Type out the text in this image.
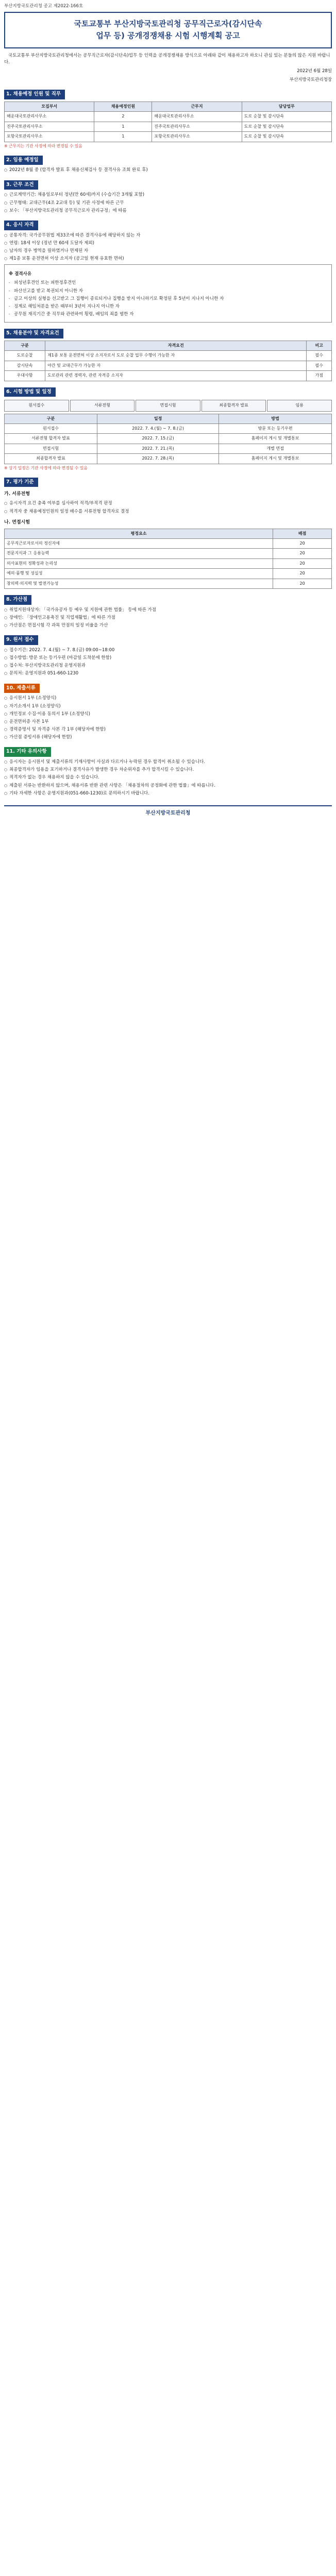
부산지방국토관리청 공고 제2022-166호
국토교통부 부산지방국토관리청 공무직근로자(감시단속
업무 등) 공개경쟁채용 시험 시행계획 공고

국토교통부 부산지방국토관리청에서는 공무직근로자(감시단속)업무 등 인력을 공개경쟁채용 방식으로 아래와 같이 채용하고자 하오니 관심 있는 분들의 많은 지원 바랍니다.

2022년 6월 28일
부산지방국토관리청장
1. 채용예정 인원 및 직무
모집부서	채용예정인원	근무지	담당업무
해운대국토관리사무소	2	해운대국토관리사무소	도로 순찰 및 감시단속
진주국토관리사무소	1	진주국토관리사무소	도로 순찰 및 감시단속
포항국토관리사무소	1	포항국토관리사무소	도로 순찰 및 감시단속
※ 근무지는 기관 사정에 따라 변경될 수 있음
2. 임용 예정일
○ 2022년 8월 중 (합격자 발표 후 채용신체검사 등 결격사유 조회 완료 후)
3. 근무 조건
○ 근로계약기간: 채용일로부터 정년(만 60세)까지 (수습기간 3개월 포함)
○ 근무형태: 교대근무(4조 2교대 등) 및 기관 사정에 따른 근무
○ 보수: 「부산지방국토관리청 공무직근로자 관리규정」에 따름
4. 응시 자격
○ 공통자격: 국가공무원법 제33조에 따른 결격사유에 해당하지 않는 자
○ 연령: 18세 이상 (정년 만 60세 도달자 제외)
○ 남자의 경우 병역을 필하였거나 면제된 자
○ 제1종 보통 운전면허 이상 소지자 (공고일 현재 유효한 면허)
※ 결격사유
- 피성년후견인 또는 피한정후견인
- 파산선고를 받고 복권되지 아니한 자
- 금고 이상의 실형을 선고받고 그 집행이 종료되거나 집행을 받지 아니하기로 확정된 후 5년이 지나지 아니한 자
- 징계로 해임처분을 받은 때부터 3년이 지나지 아니한 자
- 공무원 재직기간 중 직무와 관련하여 횡령, 배임의 죄를 범한 자
5. 채용분야 및 자격요건
구분	자격요건	비고
도로순찰	제1종 보통 운전면허 이상 소지자로서 도로 순찰 업무 수행이 가능한 자	필수
감시단속	야간 및 교대근무가 가능한 자	필수
우대사항	도로관리 관련 경력자, 관련 자격증 소지자	가점
6. 시험 방법 및 일정
원서접수	서류전형	면접시험	최종합격자 발표	임용
구분	일정	방법
원서접수	2022. 7. 4.(월) ~ 7. 8.(금)	방문 또는 등기우편
서류전형 합격자 발표	2022. 7. 15.(금)	홈페이지 게시 및 개별통보
면접시험	2022. 7. 21.(목)	개별 면접
최종합격자 발표	2022. 7. 28.(목)	홈페이지 게시 및 개별통보
※ 상기 일정은 기관 사정에 따라 변경될 수 있음
7. 평가 기준
가. 서류전형
○ 응시자격 요건 충족 여부를 심사하여 적격/부적격 판정
○ 적격자 중 채용예정인원의 일정 배수를 서류전형 합격자로 결정
나. 면접시험
평정요소	배점
공무직근로자로서의 정신자세	20
전문지식과 그 응용능력	20
의사표현의 정확성과 논리성	20
예의·품행 및 성실성	20
창의력·의지력 및 발전가능성	20
8. 가산점
○ 취업지원대상자: 「국가유공자 등 예우 및 지원에 관한 법률」 등에 따른 가점
○ 장애인: 「장애인고용촉진 및 직업재활법」에 따른 가점
○ 가산점은 면접시험 각 과목 만점의 일정 비율을 가산
9. 원서 접수
○ 접수기간: 2022. 7. 4.(월) ~ 7. 8.(금) 09:00~18:00
○ 접수방법: 방문 또는 등기우편 (마감일 도착분에 한함)
○ 접수처: 부산지방국토관리청 운영지원과
○ 문의처: 운영지원과 051-660-1230
10. 제출서류
○ 응시원서 1부 (소정양식)
○ 자기소개서 1부 (소정양식)
○ 개인정보 수집·이용 동의서 1부 (소정양식)
○ 운전면허증 사본 1부
○ 경력증명서 및 자격증 사본 각 1부 (해당자에 한함)
○ 가산점 증빙서류 (해당자에 한함)
11. 기타 유의사항
○ 응시자는 응시원서 및 제출서류의 기재사항이 사실과 다르거나 누락된 경우 합격이 취소될 수 있습니다.
○ 최종합격자가 임용을 포기하거나 결격사유가 발생한 경우 차순위자를 추가 합격시킬 수 있습니다.
○ 적격자가 없는 경우 채용하지 않을 수 있습니다.
○ 제출된 서류는 반환하지 않으며, 채용서류 반환 관련 사항은 「채용절차의 공정화에 관한 법률」에 따릅니다.
○ 기타 자세한 사항은 운영지원과(051-660-1230)로 문의하시기 바랍니다.
부산지방국토관리청
